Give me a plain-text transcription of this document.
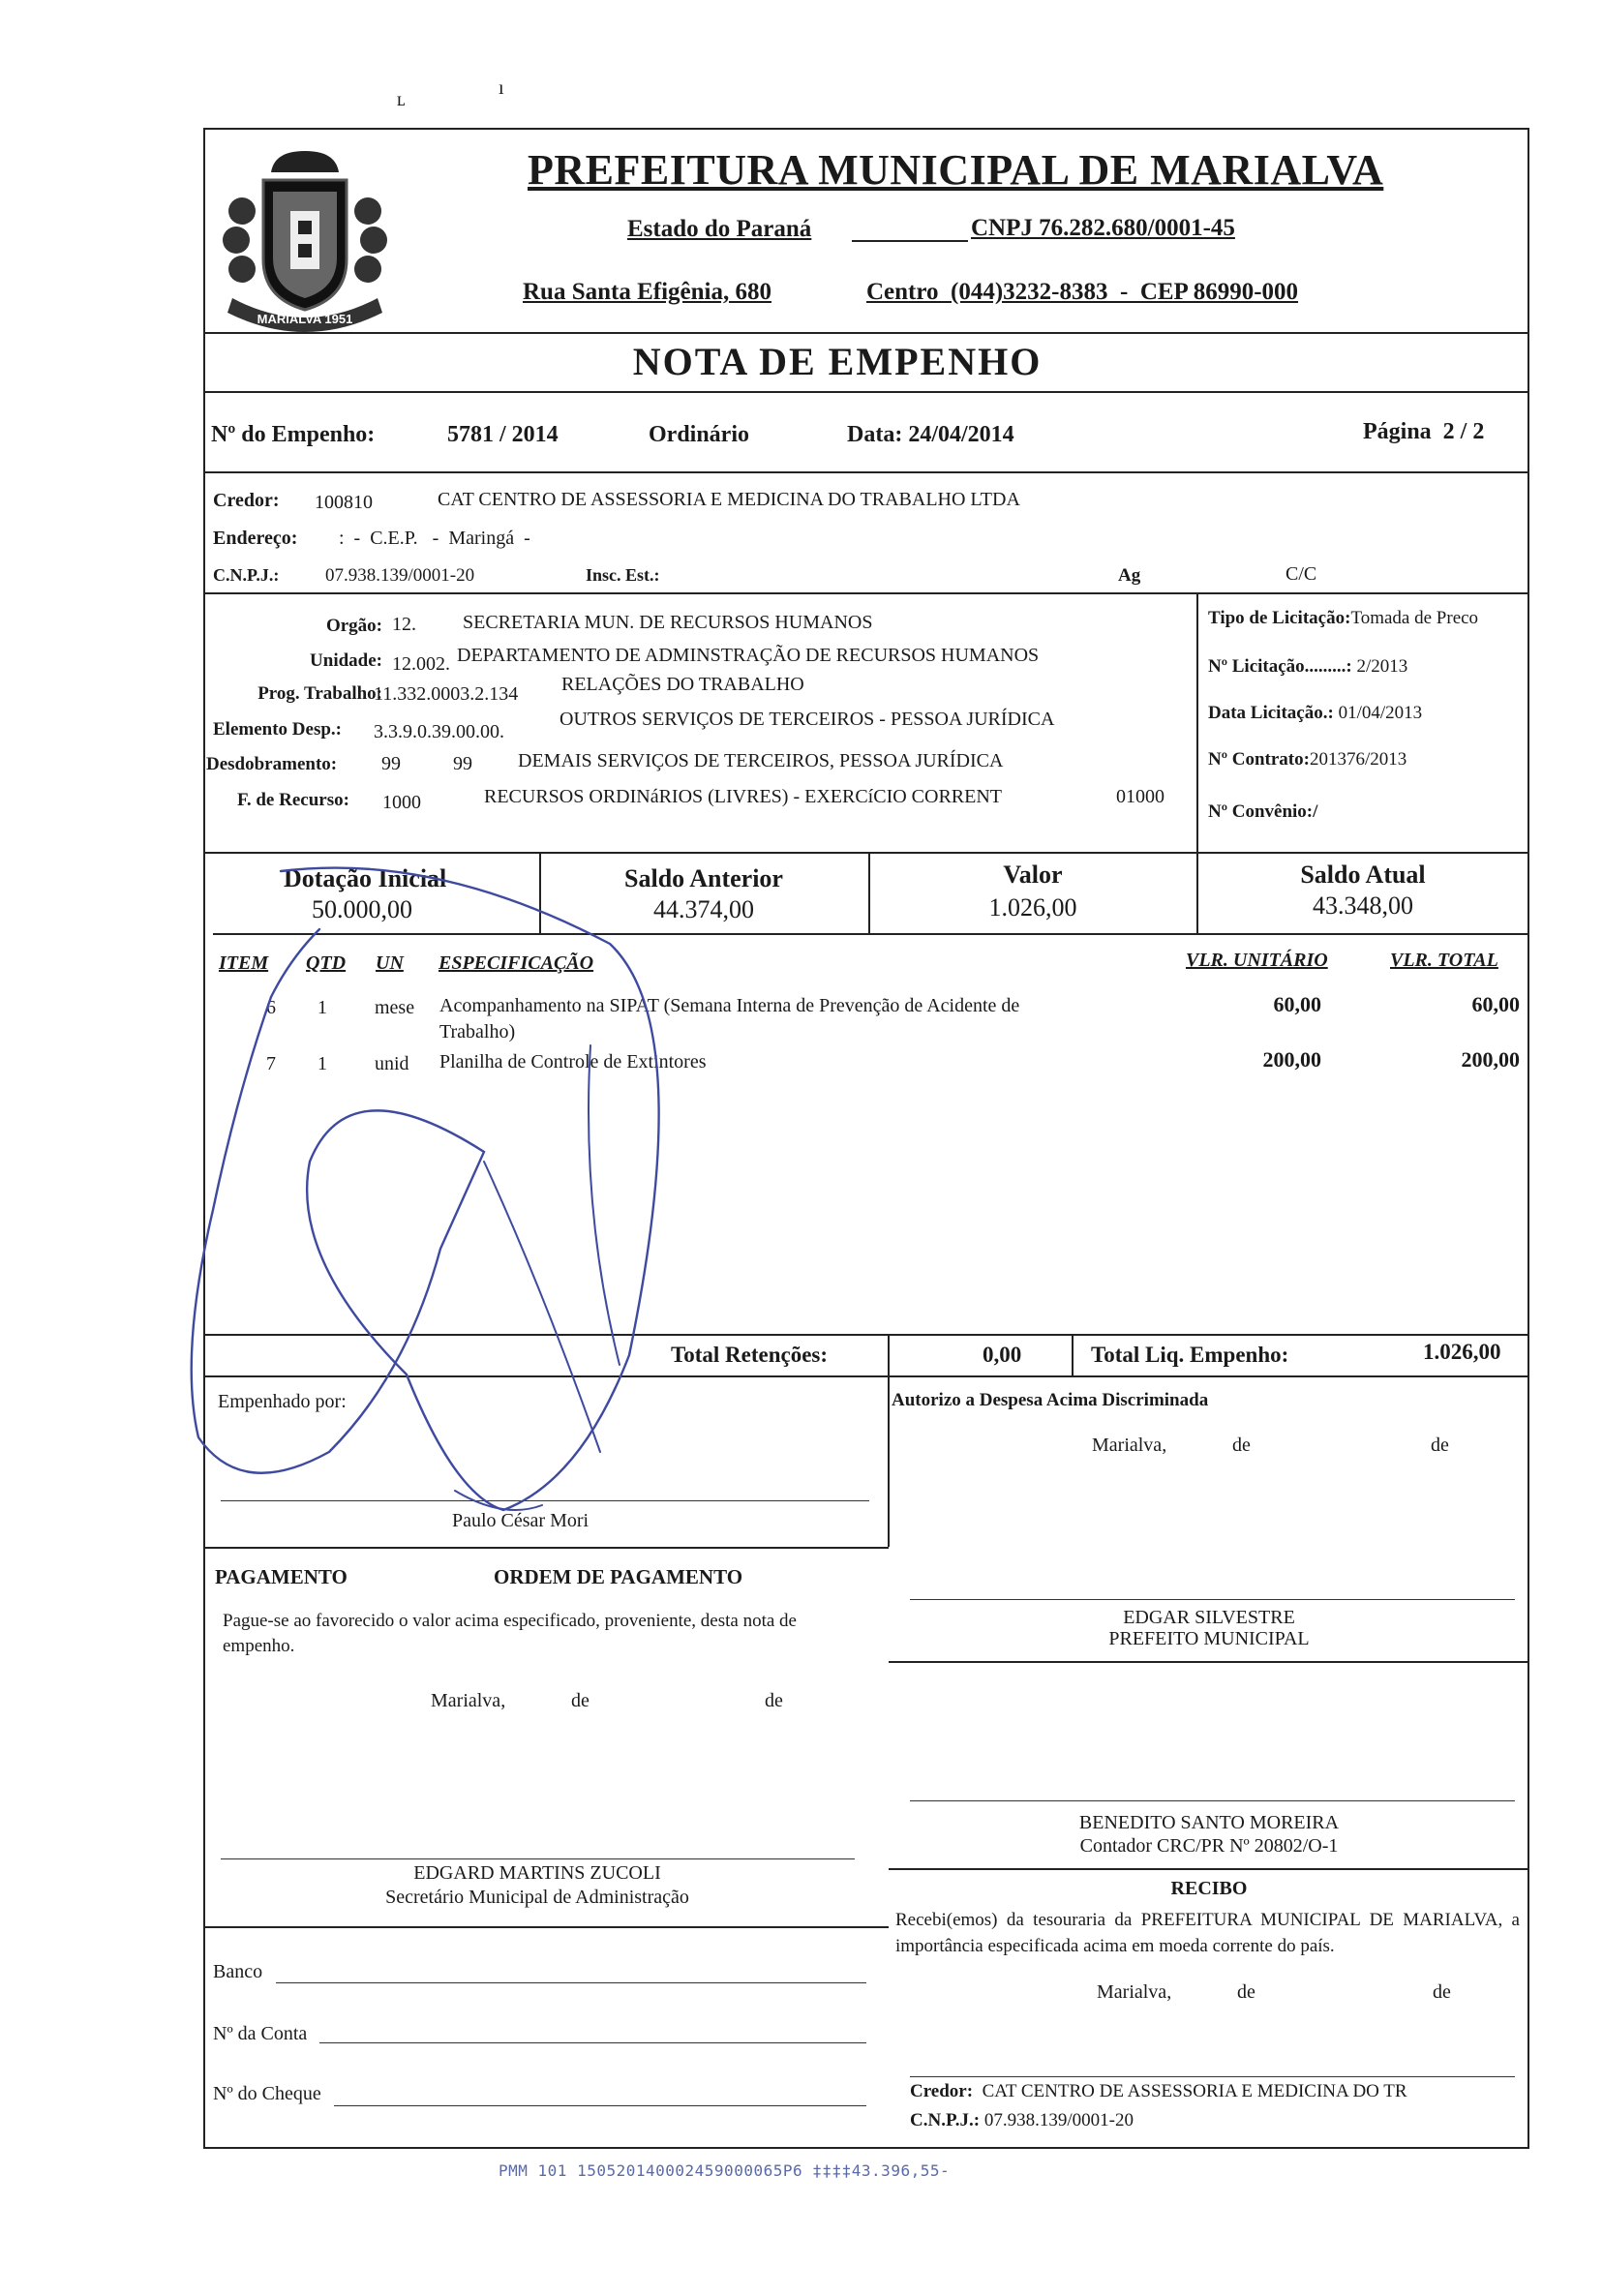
ʟ
ı
MARIALVA 1951
PREFEITURA MUNICIPAL DE MARIALVA
Estado do Paraná	CNPJ 76.282.680/0001-45
Rua Santa Efigênia, 680	Centro  (044)3232-8383  -  CEP 86990-000
NOTA DE EMPENHO
Nº do Empenho:	5781 / 2014	Ordinário	Data: 24/04/2014	Página  2 / 2
Credor: 100810	CAT CENTRO DE ASSESSORIA E MEDICINA DO TRABALHO LTDA
Endereço: :  -  C.E.P.   -  Maringá  -
C.N.P.J.:	07.938.139/0001-20	Insc. Est.:	Ag	C/C
Orgão: 12. SECRETARIA MUN. DE RECURSOS HUMANOS
Unidade: 12.002. DEPARTAMENTO DE ADMINSTRAÇÃO DE RECURSOS HUMANOS
Prog. Trabalho:
11.332.0003.2.134 RELAÇÕES DO TRABALHO
Elemento Desp.: 3.3.9.0.39.00.00.
OUTROS SERVIÇOS DE TERCEIROS - PESSOA JURÍDICA
Desdobramento: 99	99 DEMAIS SERVIÇOS DE TERCEIROS, PESSOA JURÍDICA
F. de Recurso: 1000	RECURSOS ORDINáRIOS (LIVRES) - EXERCíCIO CORRENT	01000
Tipo de Licitação:Tomada de Preco
Nº Licitação.........: 2/2013
Data Licitação.: 01/04/2013
Nº Contrato:201376/2013
Nº Convênio:/
Dotação Inicial
50.000,00
Saldo Anterior
44.374,00
Valor
1.026,00
Saldo Atual
43.348,00
ITEM QTD UN ESPECIFICAÇÃO	VLR. UNITÁRIO	VLR. TOTAL
6 1 mese Acompanhamento na SIPAT (Semana Interna de Prevenção de Acidente de
Trabalho)
60,00	60,00
7 1 unid Planilha de Controle de Extintores	200,00	200,00
Total Retenções:	0,00	Total Liq. Empenho:	1.026,00
Empenhado por:	Autorizo a Despesa Acima Discriminada
Marialva,	de	de
Paulo César Mori
PAGAMENTO	ORDEM DE PAGAMENTO
Pague-se ao favorecido o valor acima especificado, proveniente, desta nota de empenho.
Marialva,	de	de
EDGAR SILVESTRE
PREFEITO MUNICIPAL
BENEDITO SANTO MOREIRA
Contador CRC/PR Nº 20802/O-1
EDGARD MARTINS ZUCOLI
Secretário Municipal de Administração
Banco
Nº da Conta
Nº do Cheque
RECIBO
Recebi(emos) da tesouraria da PREFEITURA MUNICIPAL DE MARIALVA, a importância especificada acima em moeda corrente do país.
Marialva,	de	de
Credor: CAT CENTRO DE ASSESSORIA E MEDICINA DO TR
C.N.P.J.: 07.938.139/0001-20
PMM 101 150520140002459000065P6 ‡‡‡‡43.396,55-
